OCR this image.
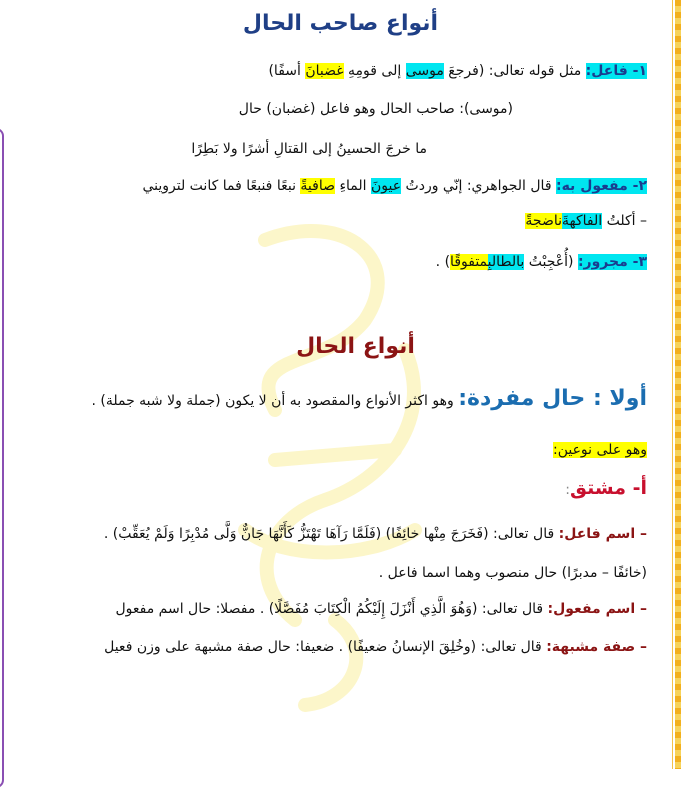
أنواع صاحب الحال
١- فاعل: مثل قوله تعالى: (فرجعَ موسى إلى قومِهِ غضبانَ أسفًا)
(موسى): صاحب الحال وهو فاعل (غضبان) حال
ما خرجَ الحسينُ إلى القتالِ أشرًا ولا بَطِرًا
٢- مفعول به: قال الجواهري: إنّي وردتُ عيونَ الماءِ صافيةً نبعًا فنبعًا فما كانت لترويني
– أكلتُ الفاكهةَناضجةً
٣- مجرور: (أُعْجِبْتُ بالطالبِمتفوقًا) .
أنواع الحال
أولا : حال مفردة: وهو اكثر الأنواع والمقصود به أن لا يكون (جملة ولا شبه جملة) .
وهو على نوعين:
أ- مشتق:
– اسم فاعل: قال تعالى: (فَخَرَجَ مِنْها خائِفًا) (فَلَمَّا رَآهَا تَهْتَزُّ كَأَنَّهَا جَانٌّ وَلَّى مُدْبِرًا وَلَمْ يُعَقِّبْ) .
(خائفًا – مدبرًا) حال منصوب وهما اسما فاعل .
– اسم مفعول: قال تعالى: (وَهُوَ الَّذِي أَنْزَلَ إِلَيْكُمُ الْكِتَابَ مُفَصَّلًا) . مفصلا: حال اسم مفعول
– صفة مشبهة: قال تعالى: (وخُلِقَ الإنسانُ ضعيفًا) . ضعيفا: حال صفة مشبهة على وزن فعيل
